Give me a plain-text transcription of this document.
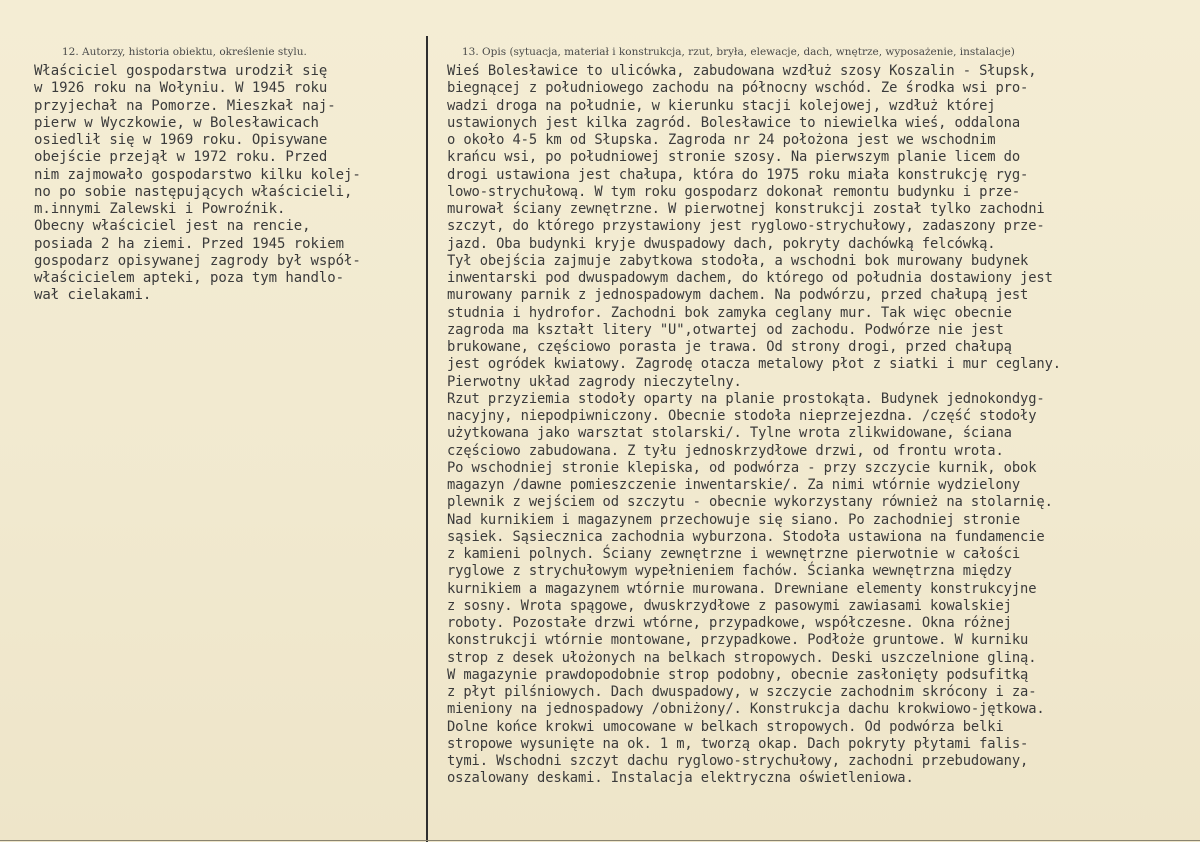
12. Autorzy, historia obiektu, określenie stylu.	13. Opis (sytuacja, materiał i konstrukcja, rzut, bryła, elewacje, dach, wnętrze, wyposażenie, instalacje)
Właściciel gospodarstwa urodził się
w 1926 roku na Wołyniu. W 1945 roku
przyjechał na Pomorze. Mieszkał naj-
pierw w Wyczkowie, w Bolesławicach
osiedlił się w 1969 roku. Opisywane
obejście przejął w 1972 roku. Przed
nim zajmowało gospodarstwo kilku kolej-
no po sobie następujących właścicieli,
m.innymi Zalewski i Powroźnik.
Obecny właściciel jest na rencie,
posiada 2 ha ziemi. Przed 1945 rokiem
gospodarz opisywanej zagrody był współ-
właścicielem apteki, poza tym handlo-
wał cielakami.
Wieś Bolesławice to ulicówka, zabudowana wzdłuż szosy Koszalin - Słupsk,
biegnącej z południowego zachodu na północny wschód. Ze środka wsi pro-
wadzi droga na południe, w kierunku stacji kolejowej, wzdłuż której
ustawionych jest kilka zagród. Bolesławice to niewielka wieś, oddalona
o około 4-5 km od Słupska. Zagroda nr 24 położona jest we wschodnim
krańcu wsi, po południowej stronie szosy. Na pierwszym planie licem do
drogi ustawiona jest chałupa, która do 1975 roku miała konstrukcję ryg-
lowo-strychułową. W tym roku gospodarz dokonał remontu budynku i prze-
murował ściany zewnętrzne. W pierwotnej konstrukcji został tylko zachodni
szczyt, do którego przystawiony jest ryglowo-strychułowy, zadaszony prze-
jazd. Oba budynki kryje dwuspadowy dach, pokryty dachówką felcówką.
Tył obejścia zajmuje zabytkowa stodoła, a wschodni bok murowany budynek
inwentarski pod dwuspadowym dachem, do którego od południa dostawiony jest
murowany parnik z jednospadowym dachem. Na podwórzu, przed chałupą jest
studnia i hydrofor. Zachodni bok zamyka ceglany mur. Tak więc obecnie
zagroda ma kształt litery "U",otwartej od zachodu. Podwórze nie jest
brukowane, częściowo porasta je trawa. Od strony drogi, przed chałupą
jest ogródek kwiatowy. Zagrodę otacza metalowy płot z siatki i mur ceglany.
Pierwotny układ zagrody nieczytelny.
Rzut przyziemia stodoły oparty na planie prostokąta. Budynek jednokondyg-
nacyjny, niepodpiwniczony. Obecnie stodoła nieprzejezdna. /część stodoły
użytkowana jako warsztat stolarski/. Tylne wrota zlikwidowane, ściana
częściowo zabudowana. Z tyłu jednoskrzydłowe drzwi, od frontu wrota.
Po wschodniej stronie klepiska, od podwórza - przy szczycie kurnik, obok
magazyn /dawne pomieszczenie inwentarskie/. Za nimi wtórnie wydzielony
plewnik z wejściem od szczytu - obecnie wykorzystany również na stolarnię.
Nad kurnikiem i magazynem przechowuje się siano. Po zachodniej stronie
sąsiek. Sąsiecznica zachodnia wyburzona. Stodoła ustawiona na fundamencie
z kamieni polnych. Ściany zewnętrzne i wewnętrzne pierwotnie w całości
ryglowe z strychułowym wypełnieniem fachów. Ścianka wewnętrzna między
kurnikiem a magazynem wtórnie murowana. Drewniane elementy konstrukcyjne
z sosny. Wrota spągowe, dwuskrzydłowe z pasowymi zawiasami kowalskiej
roboty. Pozostałe drzwi wtórne, przypadkowe, współczesne. Okna różnej
konstrukcji wtórnie montowane, przypadkowe. Podłoże gruntowe. W kurniku
strop z desek ułożonych na belkach stropowych. Deski uszczelnione gliną.
W magazynie prawdopodobnie strop podobny, obecnie zasłonięty podsufitką
z płyt pilśniowych. Dach dwuspadowy, w szczycie zachodnim skrócony i za-
mieniony na jednospadowy /obniżony/. Konstrukcja dachu krokwiowo-jętkowa.
Dolne końce krokwi umocowane w belkach stropowych. Od podwórza belki
stropowe wysunięte na ok. 1 m, tworzą okap. Dach pokryty płytami falis-
tymi. Wschodni szczyt dachu ryglowo-strychułowy, zachodni przebudowany,
oszalowany deskami. Instalacja elektryczna oświetleniowa.
